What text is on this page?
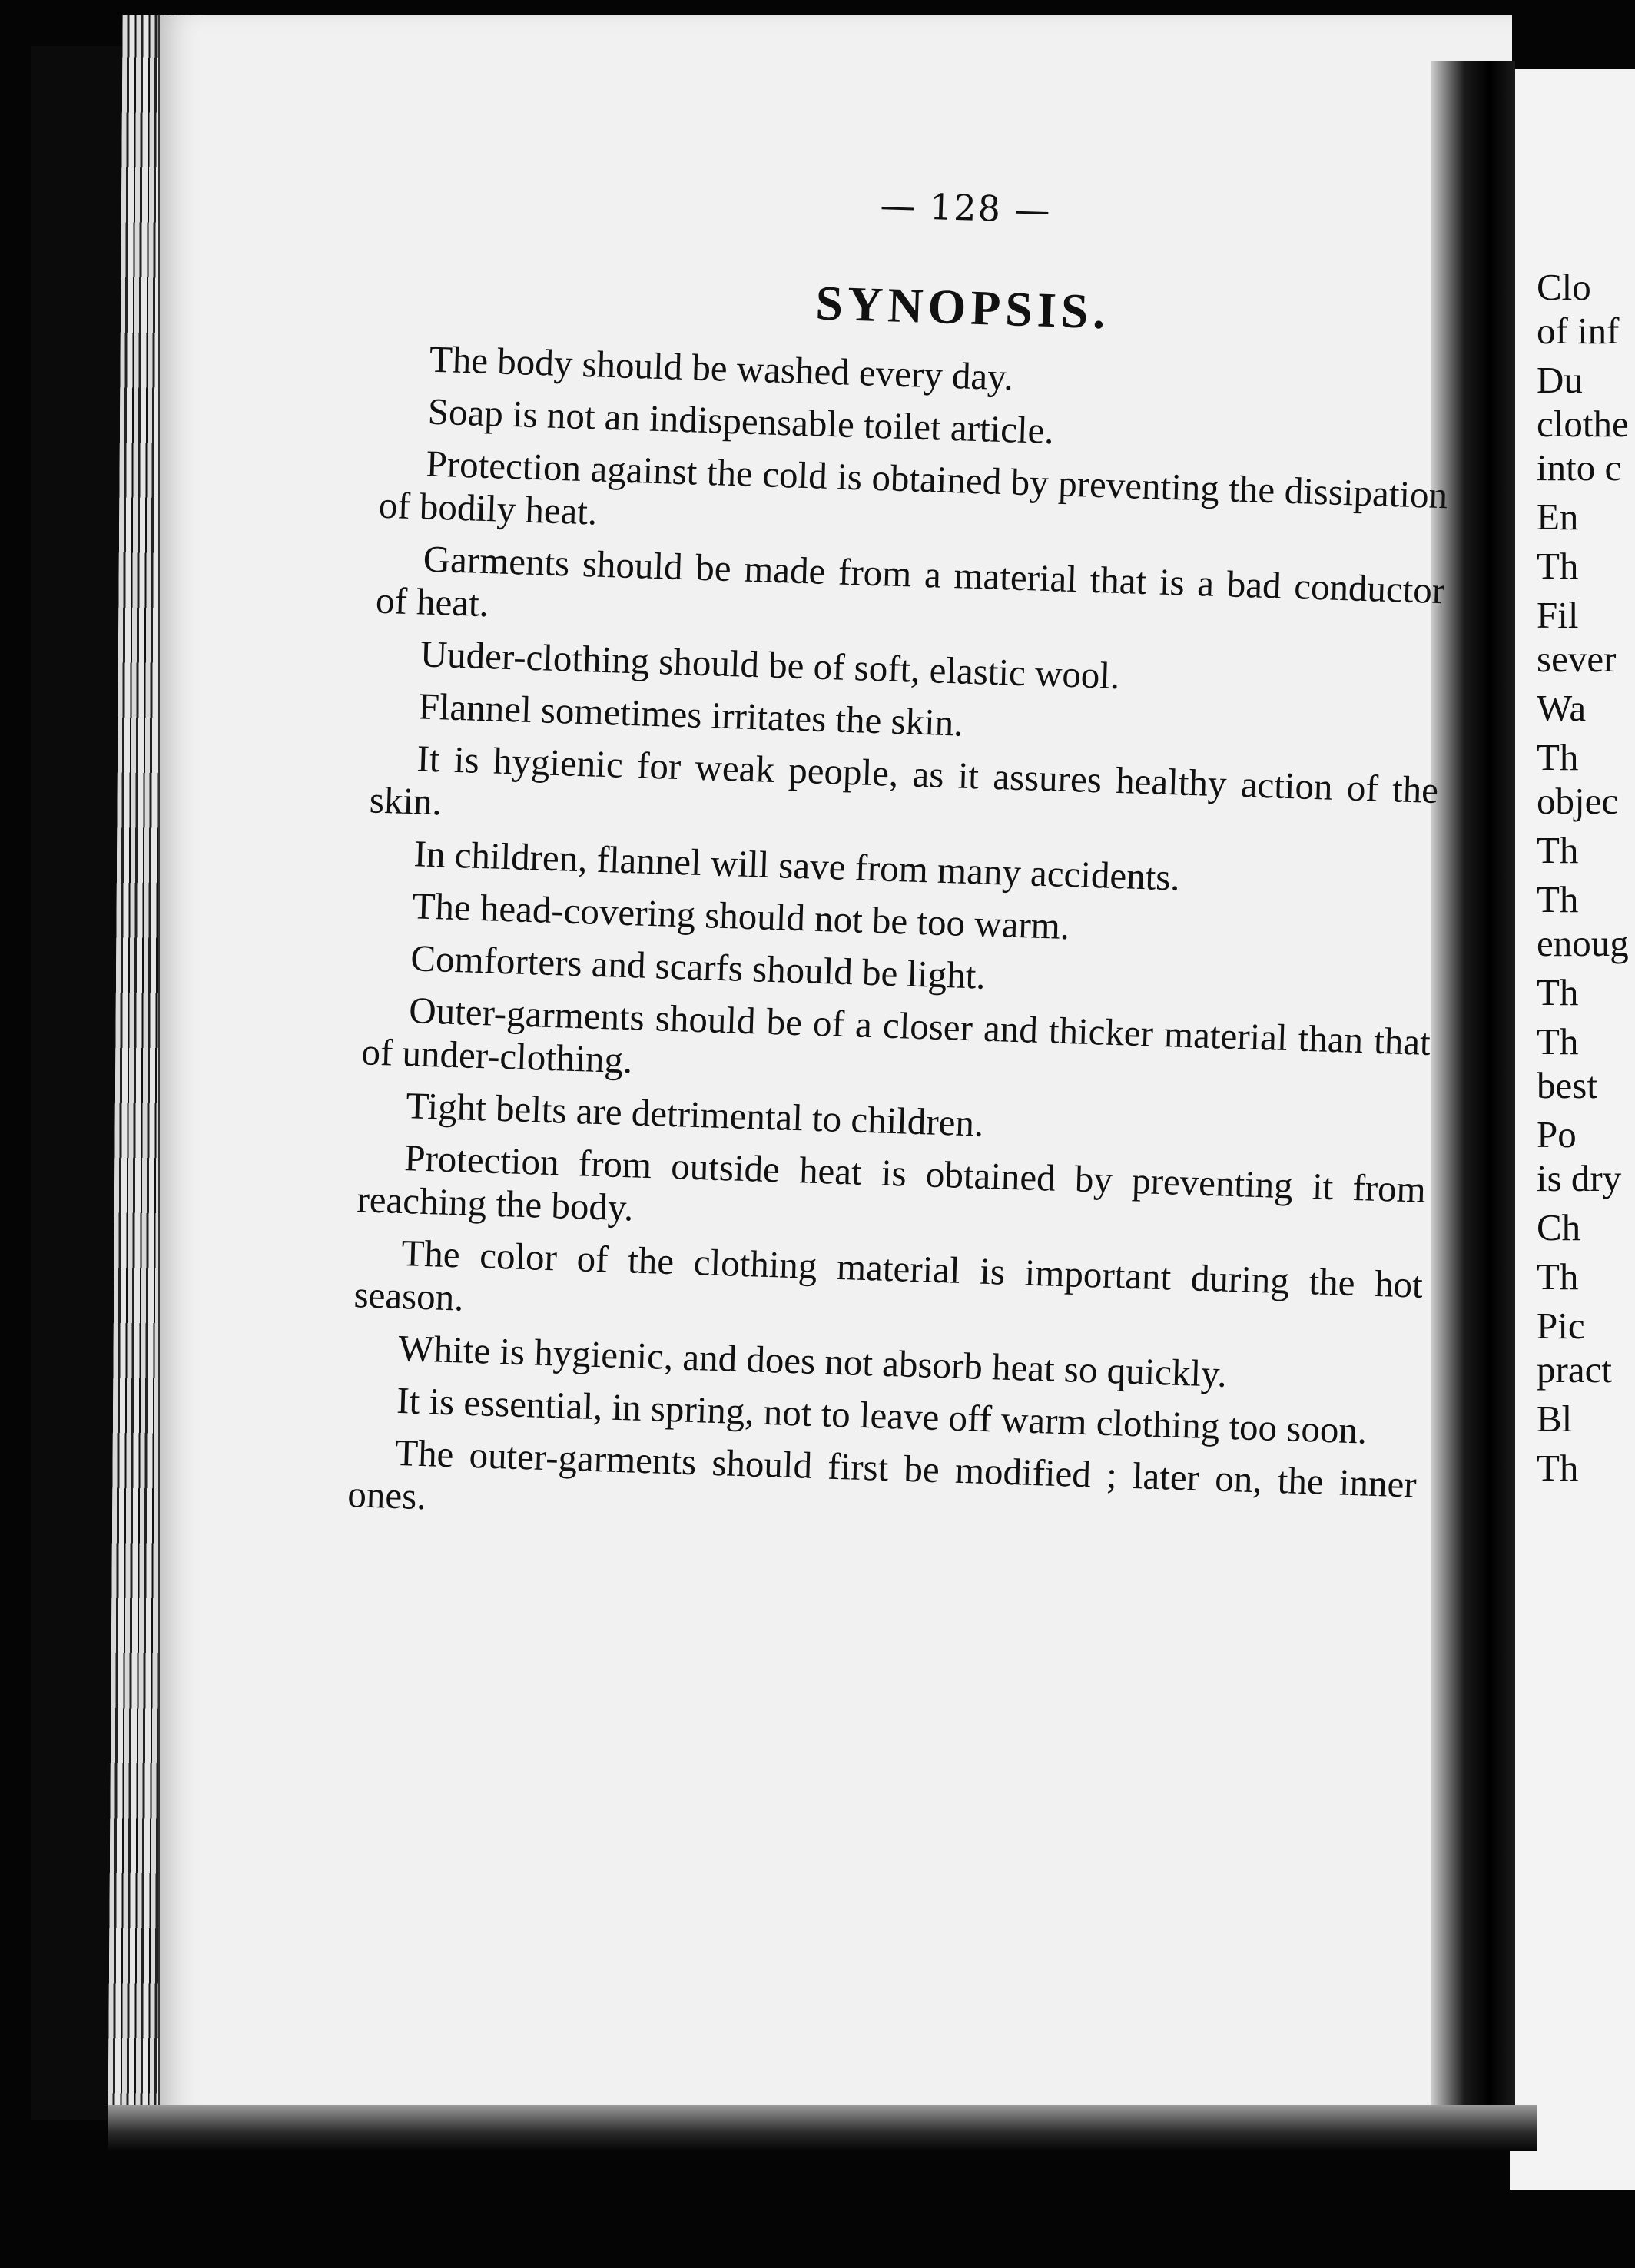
— 128 —
SYNOPSIS.

The body should be washed every day.

Soap is not an indispensable toilet article.

Protection against the cold is obtained by preventing the dissipation of bodily heat.

Garments should be made from a material that is a bad conductor of heat.

Uuder-clothing should be of soft, elastic wool.

Flannel sometimes irritates the skin.

It is hygienic for weak people, as it assures healthy action of the skin.

In children, flannel will save from many accidents.

The head-covering should not be too warm.

Comforters and scarfs should be light.

Outer-garments should be of a closer and thicker material than that of under-clothing.

Tight belts are detrimental to children.

Protection from outside heat is obtained by preventing it from reaching the body.

The color of the clothing material is important during the hot season.

White is hygienic, and does not absorb heat so quickly.

It is essential, in spring, not to leave off warm clothing too soon.

The outer-garments should first be modified ; later on, the inner ones.

Clo
of inf
Du
clothe
into c
En
Th
Fil
sever
Wa
Th
objec
Th
Th
enoug
Th
Th
best
Po
is dry
Ch
Th
Pic
pract
Bl
Th
